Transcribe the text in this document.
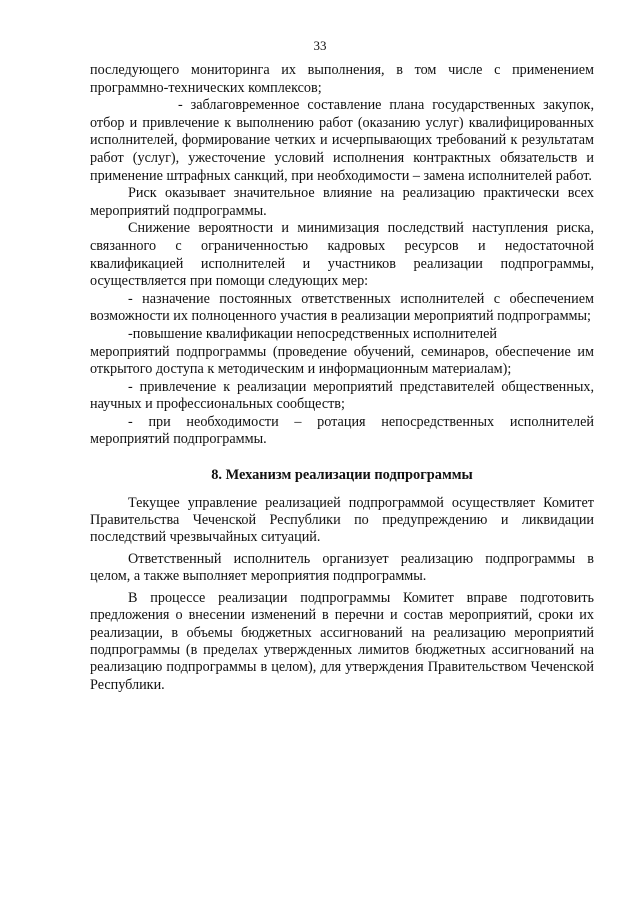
33

последующего мониторинга их выполнения, в том числе с применением программно-технических комплексов;

- заблаговременное составление плана государственных закупок, отбор и привлечение к выполнению работ (оказанию услуг) квалифицированных исполнителей, формирование четких и исчерпывающих требований к результатам работ (услуг), ужесточение условий исполнения контрактных обязательств и применение штрафных санкций, при необходимости – замена исполнителей работ.

Риск оказывает значительное влияние на реализацию практически всех мероприятий подпрограммы.

Снижение вероятности и минимизация последствий наступления риска, связанного с ограниченностью кадровых ресурсов и недостаточной квалификацией исполнителей и участников реализации подпрограммы, осуществляется при помощи следующих мер:

- назначение постоянных ответственных исполнителей с обеспечением возможности их полноценного участия в реализации мероприятий подпрограммы;

-повышение квалификации непосредственных исполнителей

мероприятий подпрограммы (проведение обучений, семинаров, обеспечение им открытого доступа к методическим и информационным материалам);

- привлечение к реализации мероприятий представителей общественных, научных и профессиональных сообществ;

- при необходимости – ротация непосредственных исполнителей мероприятий подпрограммы.

8. Механизм реализации подпрограммы

Текущее управление реализацией подпрограммой осуществляет Комитет Правительства Чеченской Республики по предупреждению и ликвидации последствий чрезвычайных ситуаций.

Ответственный исполнитель организует реализацию подпрограммы в целом, а также выполняет мероприятия подпрограммы.

В процессе реализации подпрограммы Комитет вправе подготовить предложения о внесении изменений в перечни и состав мероприятий, сроки их реализации, в объемы бюджетных ассигнований на реализацию мероприятий подпрограммы (в пределах утвержденных лимитов бюджетных ассигнований на реализацию подпрограммы в целом), для утверждения Правительством Чеченской Республики.
